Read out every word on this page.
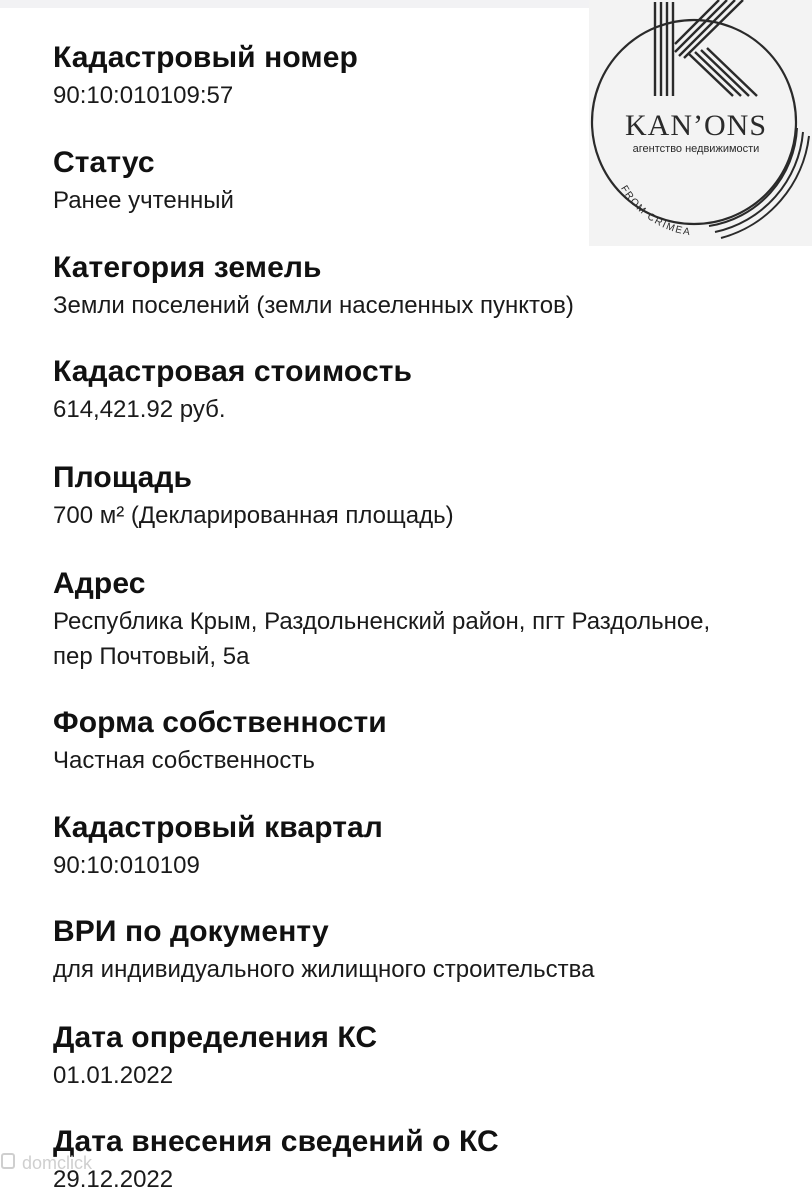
Кадастровый номер
90:10:010109:57
Статус
Ранее учтенный
Категория земель
Земли поселений (земли населенных пунктов)
Кадастровая стоимость
614,421.92 руб.
Площадь
700 м² (Декларированная площадь)
Адрес
Республика Крым, Раздольненский район, пгт Раздольное, пер Почтовый, 5а
Форма собственности
Частная собственность
Кадастровый квартал
90:10:010109
ВРИ по документу
для индивидуального жилищного строительства
Дата определения КС
01.01.2022
Дата внесения сведений о КС
29.12.2022
domclick
KAN’ONS
агентство недвижимости
FROM CRIMEA
